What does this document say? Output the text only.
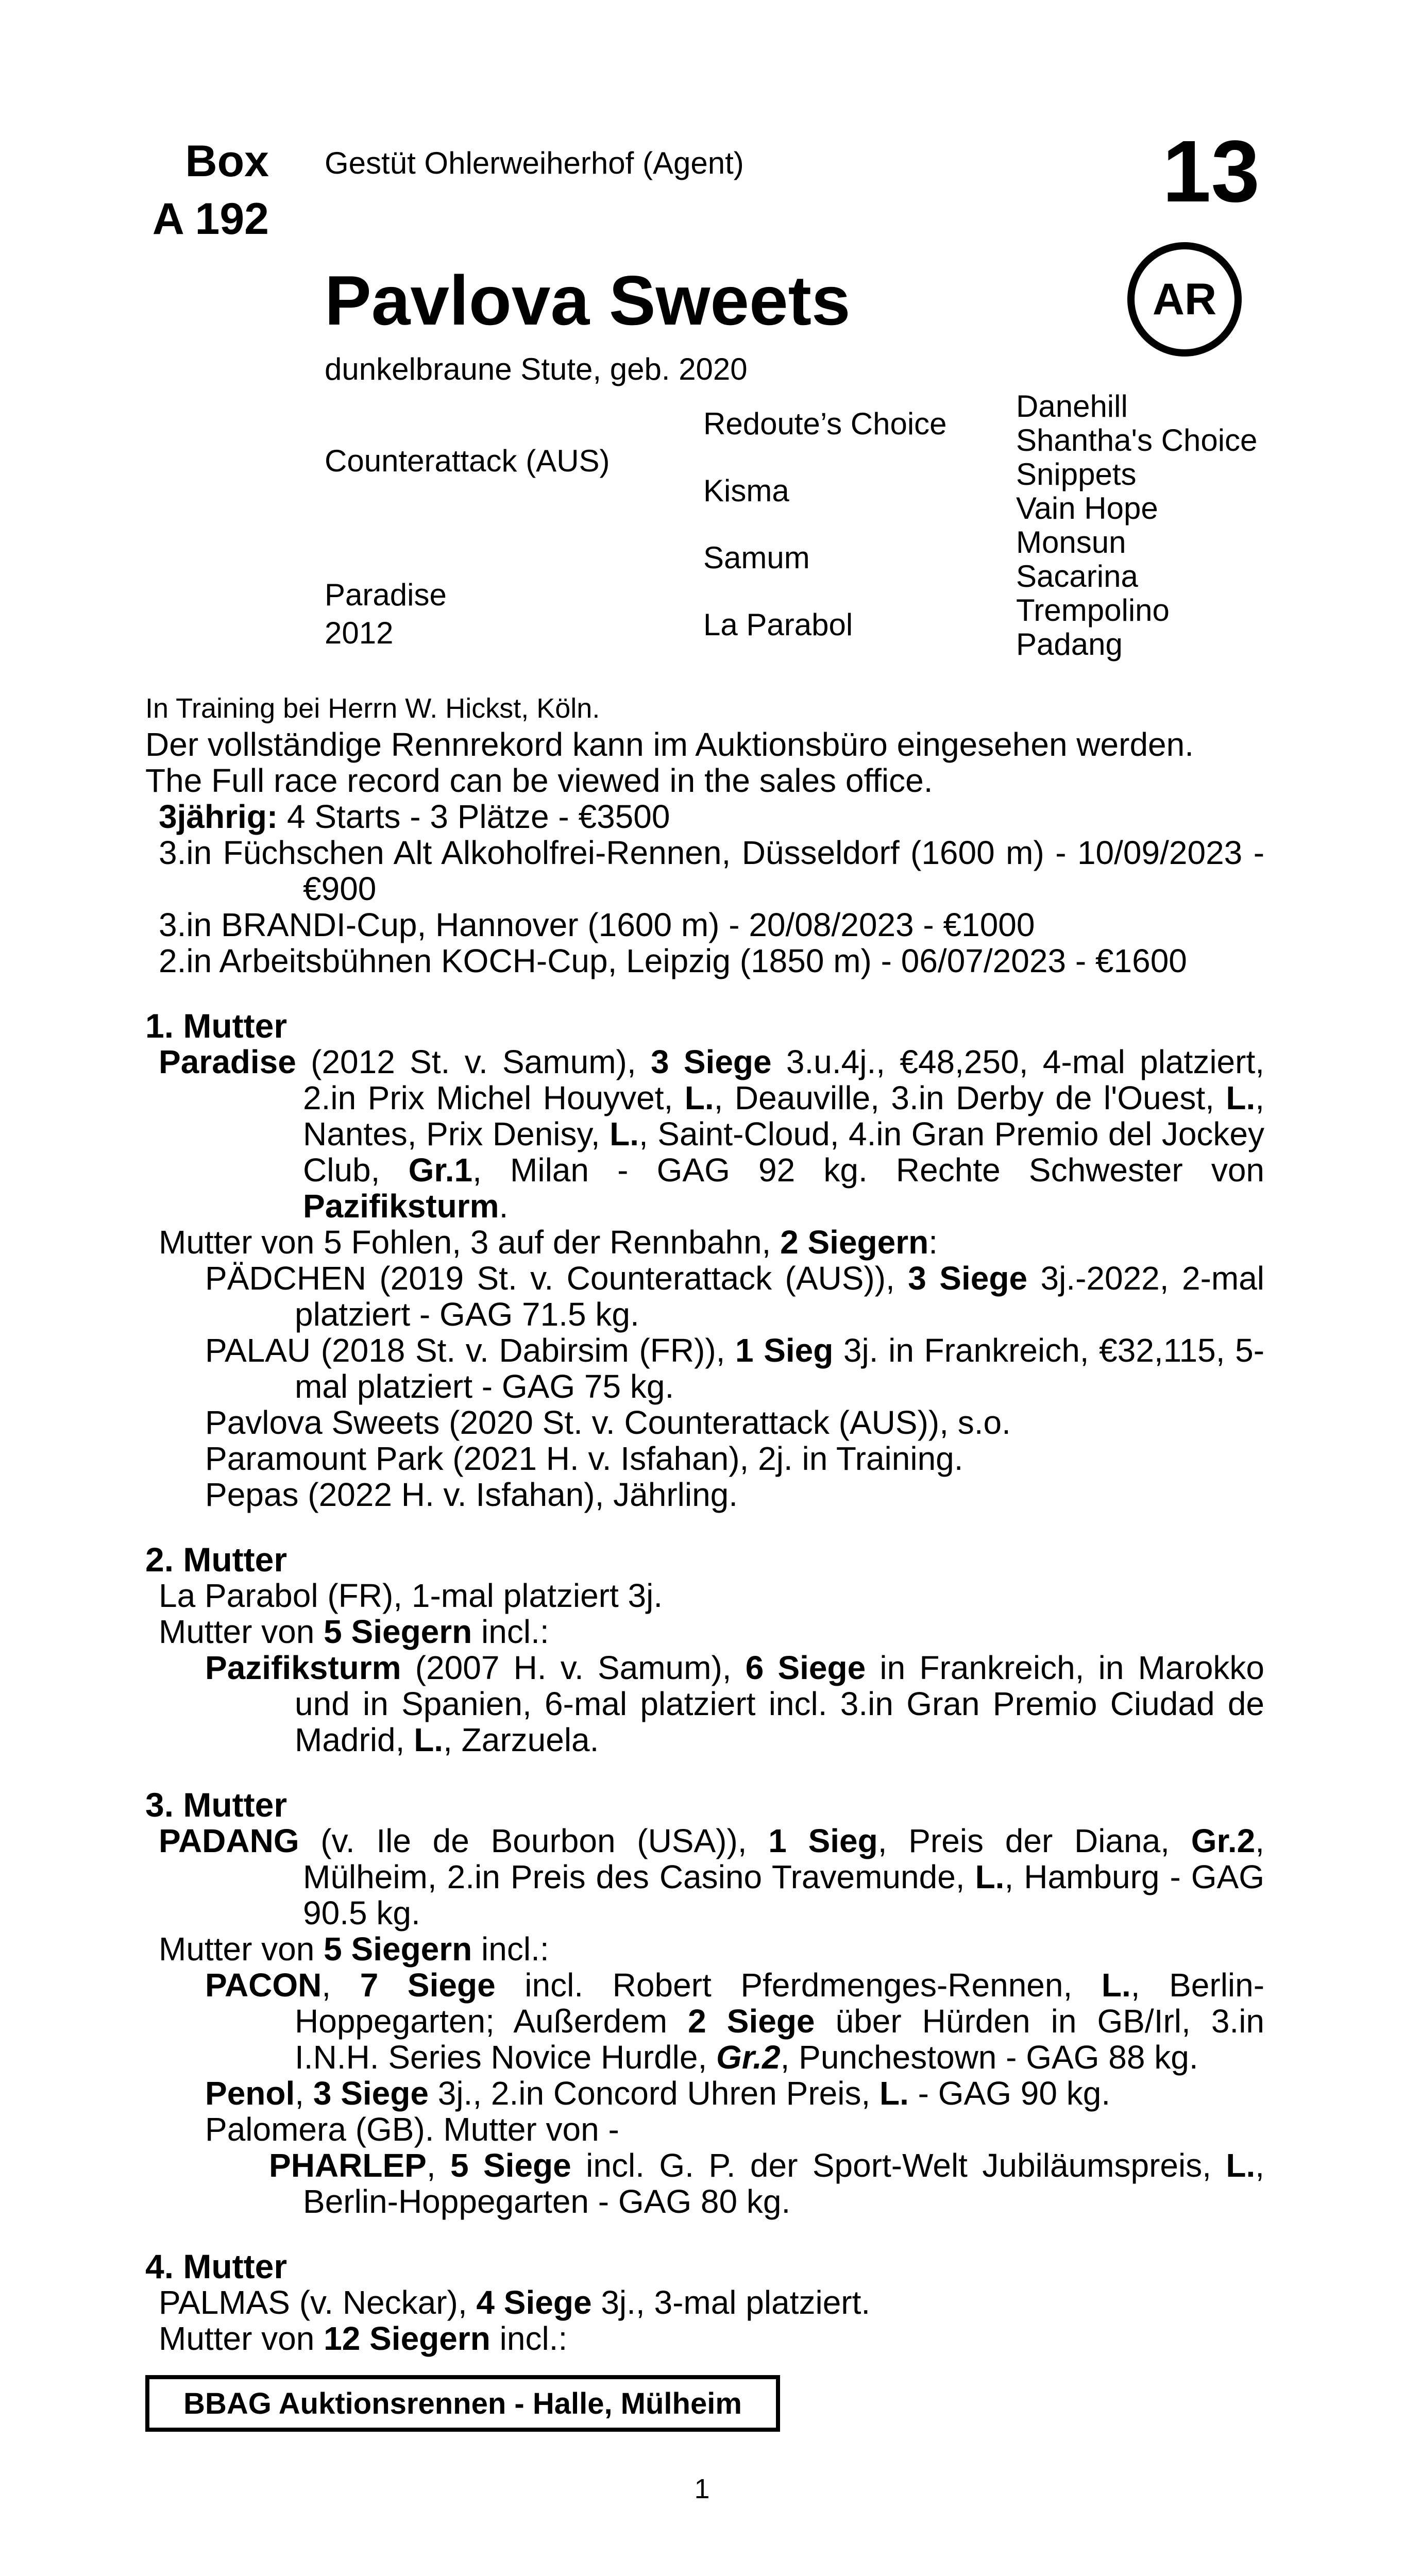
Box
A 192
Gestüt Ohlerweiherhof (Agent)	13
AR
Pavlova Sweets
dunkelbraune Stute, geb. 2020
Counterattack (AUS)
Paradise
2012
Redoute’s Choice
Kisma
Samum
La Parabol
Danehill
Shantha's Choice
Snippets
Vain Hope
Monsun
Sacarina
Trempolino
Padang

In Training bei Herrn W. Hickst, Köln.

Der vollständige Rennrekord kann im Auktionsbüro eingesehen werden.

The Full race record can be viewed in the sales office.

3jährig: 4 Starts - 3 Plätze - €3500

3.in Füchschen Alt Alkoholfrei-Rennen, Düsseldorf (1600 m) - 10/09/2023 - €900

3.in BRANDI-Cup, Hannover (1600 m) - 20/08/2023 - €1000

2.in Arbeitsbühnen KOCH-Cup, Leipzig (1850 m) - 06/07/2023 - €1600

1. Mutter

Paradise (2012 St. v. Samum), 3 Siege 3.u.4j., €48,250, 4-mal platziert, 2.in Prix Michel Houyvet, L., Deauville, 3.in Derby de l'Ouest, L., Nantes, Prix Denisy, L., Saint-Cloud, 4.in Gran Premio del Jockey Club, Gr.1, Milan - GAG 92 kg. Rechte Schwester von Pazifiksturm.

Mutter von 5 Fohlen, 3 auf der Rennbahn, 2 Siegern:

PÄDCHEN (2019 St. v. Counterattack (AUS)), 3 Siege 3j.-2022, 2-mal platziert - GAG 71.5 kg.

PALAU (2018 St. v. Dabirsim (FR)), 1 Sieg 3j. in Frankreich, €32,115, 5-mal platziert - GAG 75 kg.

Pavlova Sweets (2020 St. v. Counterattack (AUS)), s.o.

Paramount Park (2021 H. v. Isfahan), 2j. in Training.

Pepas (2022 H. v. Isfahan), Jährling.

2. Mutter

La Parabol (FR), 1-mal platziert 3j.

Mutter von 5 Siegern incl.:

Pazifiksturm (2007 H. v. Samum), 6 Siege in Frankreich, in Marokko und in Spanien, 6-mal platziert incl. 3.in Gran Premio Ciudad de Madrid, L., Zarzuela.

3. Mutter

PADANG (v. Ile de Bourbon (USA)), 1 Sieg, Preis der Diana, Gr.2, Mülheim, 2.in Preis des Casino Travemunde, L., Hamburg - GAG 90.5 kg.

Mutter von 5 Siegern incl.:

PACON, 7 Siege incl. Robert Pferdmenges-Rennen, L., Berlin-Hoppegarten; Außerdem 2 Siege über Hürden in GB/Irl, 3.in I.N.H. Series Novice Hurdle, Gr.2, Punchestown - GAG 88 kg.

Penol, 3 Siege 3j., 2.in Concord Uhren Preis, L. - GAG 90 kg.

Palomera (GB). Mutter von -

PHARLEP, 5 Siege incl. G. P. der Sport-Welt Jubiläumspreis, L., Berlin-Hoppegarten - GAG 80 kg.

4. Mutter

PALMAS (v. Neckar), 4 Siege 3j., 3-mal platziert.

Mutter von 12 Siegern incl.:

BBAG Auktionsrennen - Halle, Mülheim
1
